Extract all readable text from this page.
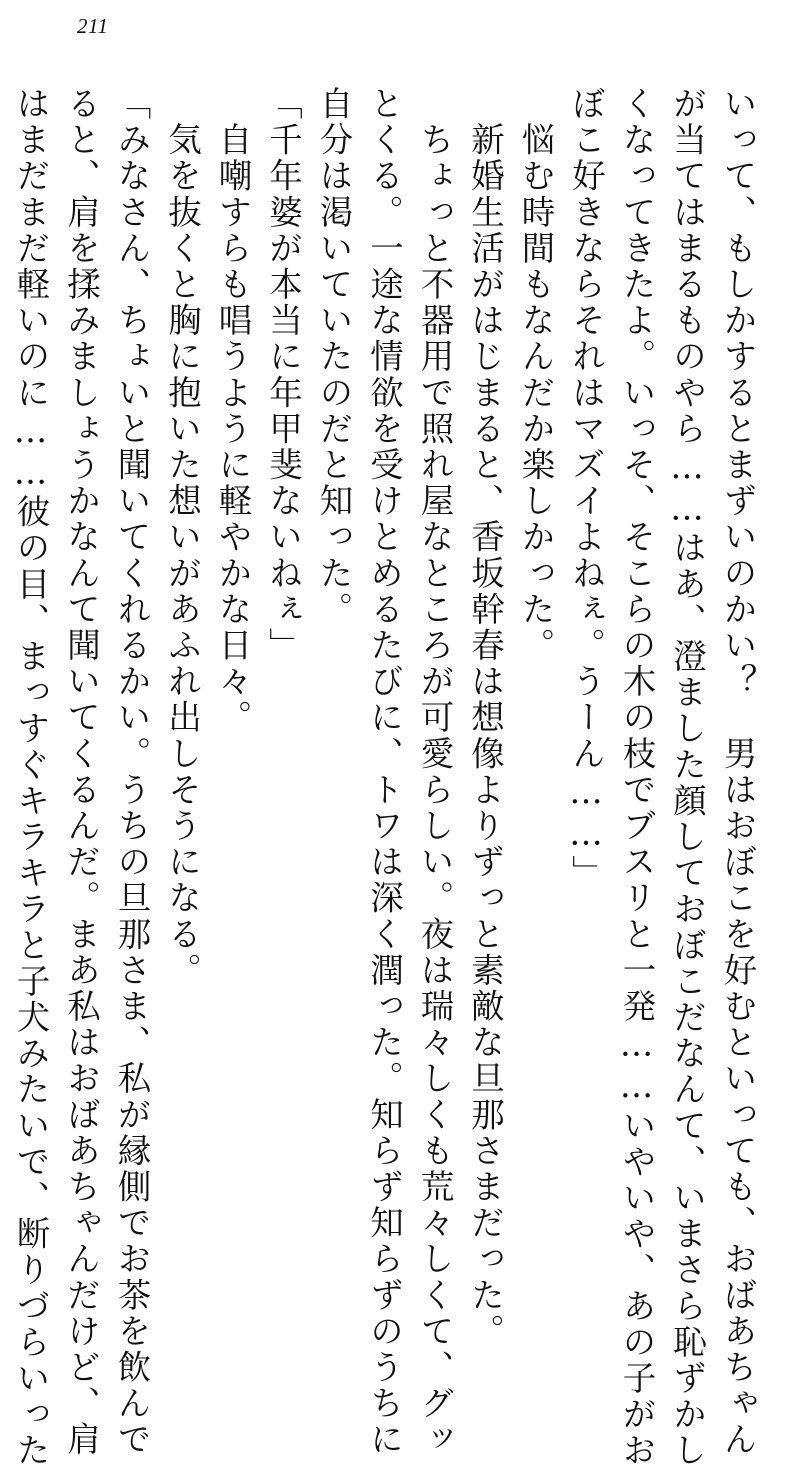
211
いって、もしかするとまずいのかい？　男はおぼこを好むといっても、おばあちゃん
が当てはまるものやら……はあ、澄ました顔しておぼこだなんて、いまさら恥ずかし
くなってきたよ。いっそ、そこらの木の枝でブスリと一発……いやいや、あの子がお
ぼこ好きならそれはマズイよねぇ。うーん……」
　悩む時間もなんだか楽しかった。
　新婚生活がはじまると、香坂幹春は想像よりずっと素敵な旦那さまだった。
　ちょっと不器用で照れ屋なところが可愛らしい。夜は瑞々しくも荒々しくて、グッ
とくる。一途な情欲を受けとめるたびに、トワは深く潤った。知らず知らずのうちに
自分は渇いていたのだと知った。
「千年婆が本当に年甲斐ないねぇ」
　自嘲すらも唱うように軽やかな日々。
　気を抜くと胸に抱いた想いがあふれ出しそうになる。
「みなさん、ちょいと聞いてくれるかい。うちの旦那さま、私が縁側でお茶を飲んで
ると、肩を揉みましょうかなんて聞いてくるんだ。まあ私はおばあちゃんだけど、肩
はまだまだ軽いのに……彼の目、まっすぐキラキラと子犬みたいで、断りづらいった
